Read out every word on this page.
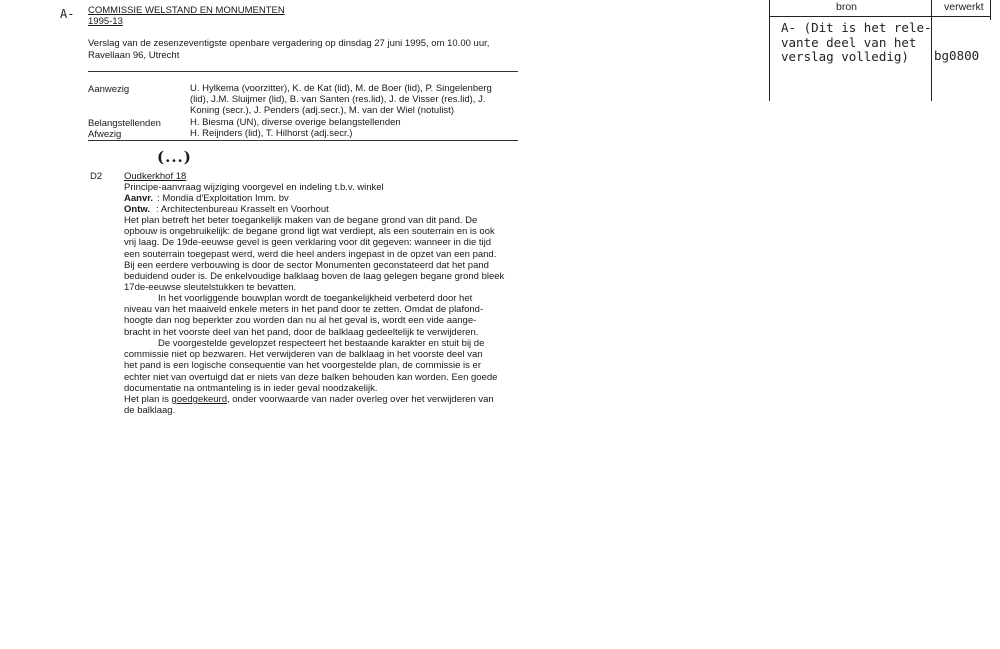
bron	verwerkt
A- (Dit is het rele-
vante deel van het
verslag volledig)	bg0800
A- COMMISSIE WELSTAND EN MONUMENTEN
1995-13
Verslag van de zesenzeventigste openbare vergadering op dinsdag 27 juni 1995, om 10.00 uur,
Ravellaan 96, Utrecht
Aanwezig	U. Hylkema (voorzitter), K. de Kat (lid), M. de Boer (lid), P. Singelenberg
(lid), J.M. Sluijmer (lid), B. van Santen (res.lid), J. de Visser (res.lid), J.
Koning (secr.), J. Penders (adj.secr.), M. van der Wiel (notulist)
Belangstellenden	H. Biesma (UN), diverse overige belangstellenden
Afwezig	H. Reijnders (lid), T. Hilhorst (adj.secr.)
(...)
D2 Oudkerkhof 18
Principe-aanvraag wijziging voorgevel en indeling t.b.v. winkel
Aanvr. : Mondia d'Exploitation Imm. bv
Ontw. : Architectenbureau Krasselt en Voorhout
Het plan betreft het beter toegankelijk maken van de begane grond van dit pand. De
opbouw is ongebruikelijk: de begane grond ligt wat verdiept, als een souterrain en is ook
vrij laag. De 19de-eeuwse gevel is geen verklaring voor dit gegeven: wanneer in die tijd
een souterrain toegepast werd, werd die heel anders ingepast in de opzet van een pand.
Bij een eerdere verbouwing is door de sector Monumenten geconstateerd dat het pand
beduidend ouder is. De enkelvoudige balklaag boven de laag gelegen begane grond bleek
17de-eeuwse sleutelstukken te bevatten.
In het voorliggende bouwplan wordt de toegankelijkheid verbeterd door het
niveau van het maaiveld enkele meters in het pand door te zetten. Omdat de plafond-
hoogte dan nog beperkter zou worden dan nu al het geval is, wordt een vide aange-
bracht in het voorste deel van het pand, door de balklaag gedeeltelijk te verwijderen.
De voorgestelde gevelopzet respecteert het bestaande karakter en stuit bij de
commissie niet op bezwaren. Het verwijderen van de balklaag in het voorste deel van
het pand is een logische consequentie van het voorgestelde plan, de commissie is er
echter niet van overtuigd dat er niets van deze balken behouden kan worden. Een goede
documentatie na ontmanteling is in ieder geval noodzakelijk.
Het plan is goedgekeurd, onder voorwaarde van nader overleg over het verwijderen van
de balklaag.
